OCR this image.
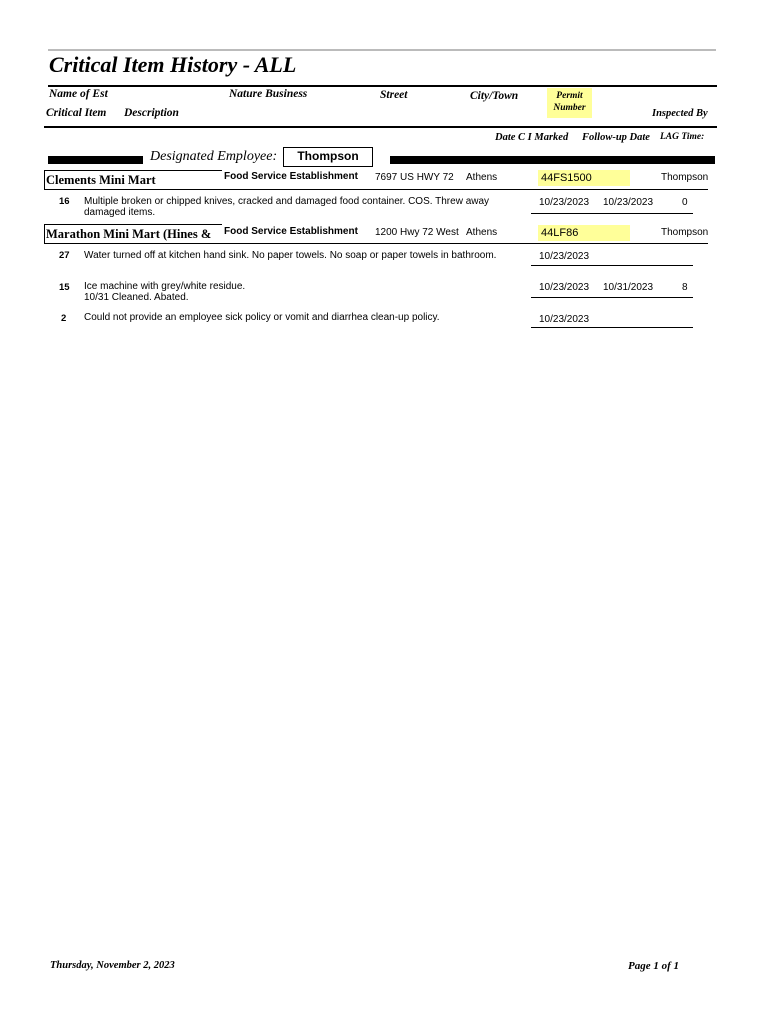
Critical Item History - ALL
Name of Est	Nature Business	Street	City/Town	Permit
Number
Critical Item Description	Inspected By
Date C I Marked Follow-up Date LAG Time:
Designated Employee:	Thompson
Clements Mini Mart	Food Service Establishment 7697 US HWY 72 Athens	44FS1500	Thompson
16 Multiple broken or chipped knives, cracked and damaged food container. COS. Threw away
damaged items.
10/23/2023 10/23/2023	0
Marathon Mini Mart (Hines &	Food Service Establishment 1200 Hwy 72 West Athens	44LF86	Thompson
27 Water turned off at kitchen hand sink. No paper towels. No soap or paper towels in bathroom.	10/23/2023
15 Ice machine with grey/white residue.
10/31 Cleaned. Abated.
10/23/2023 10/31/2023	8
2 Could not provide an employee sick policy or vomit and diarrhea clean-up policy.	10/23/2023
Thursday, November 2, 2023	Page 1 of 1
